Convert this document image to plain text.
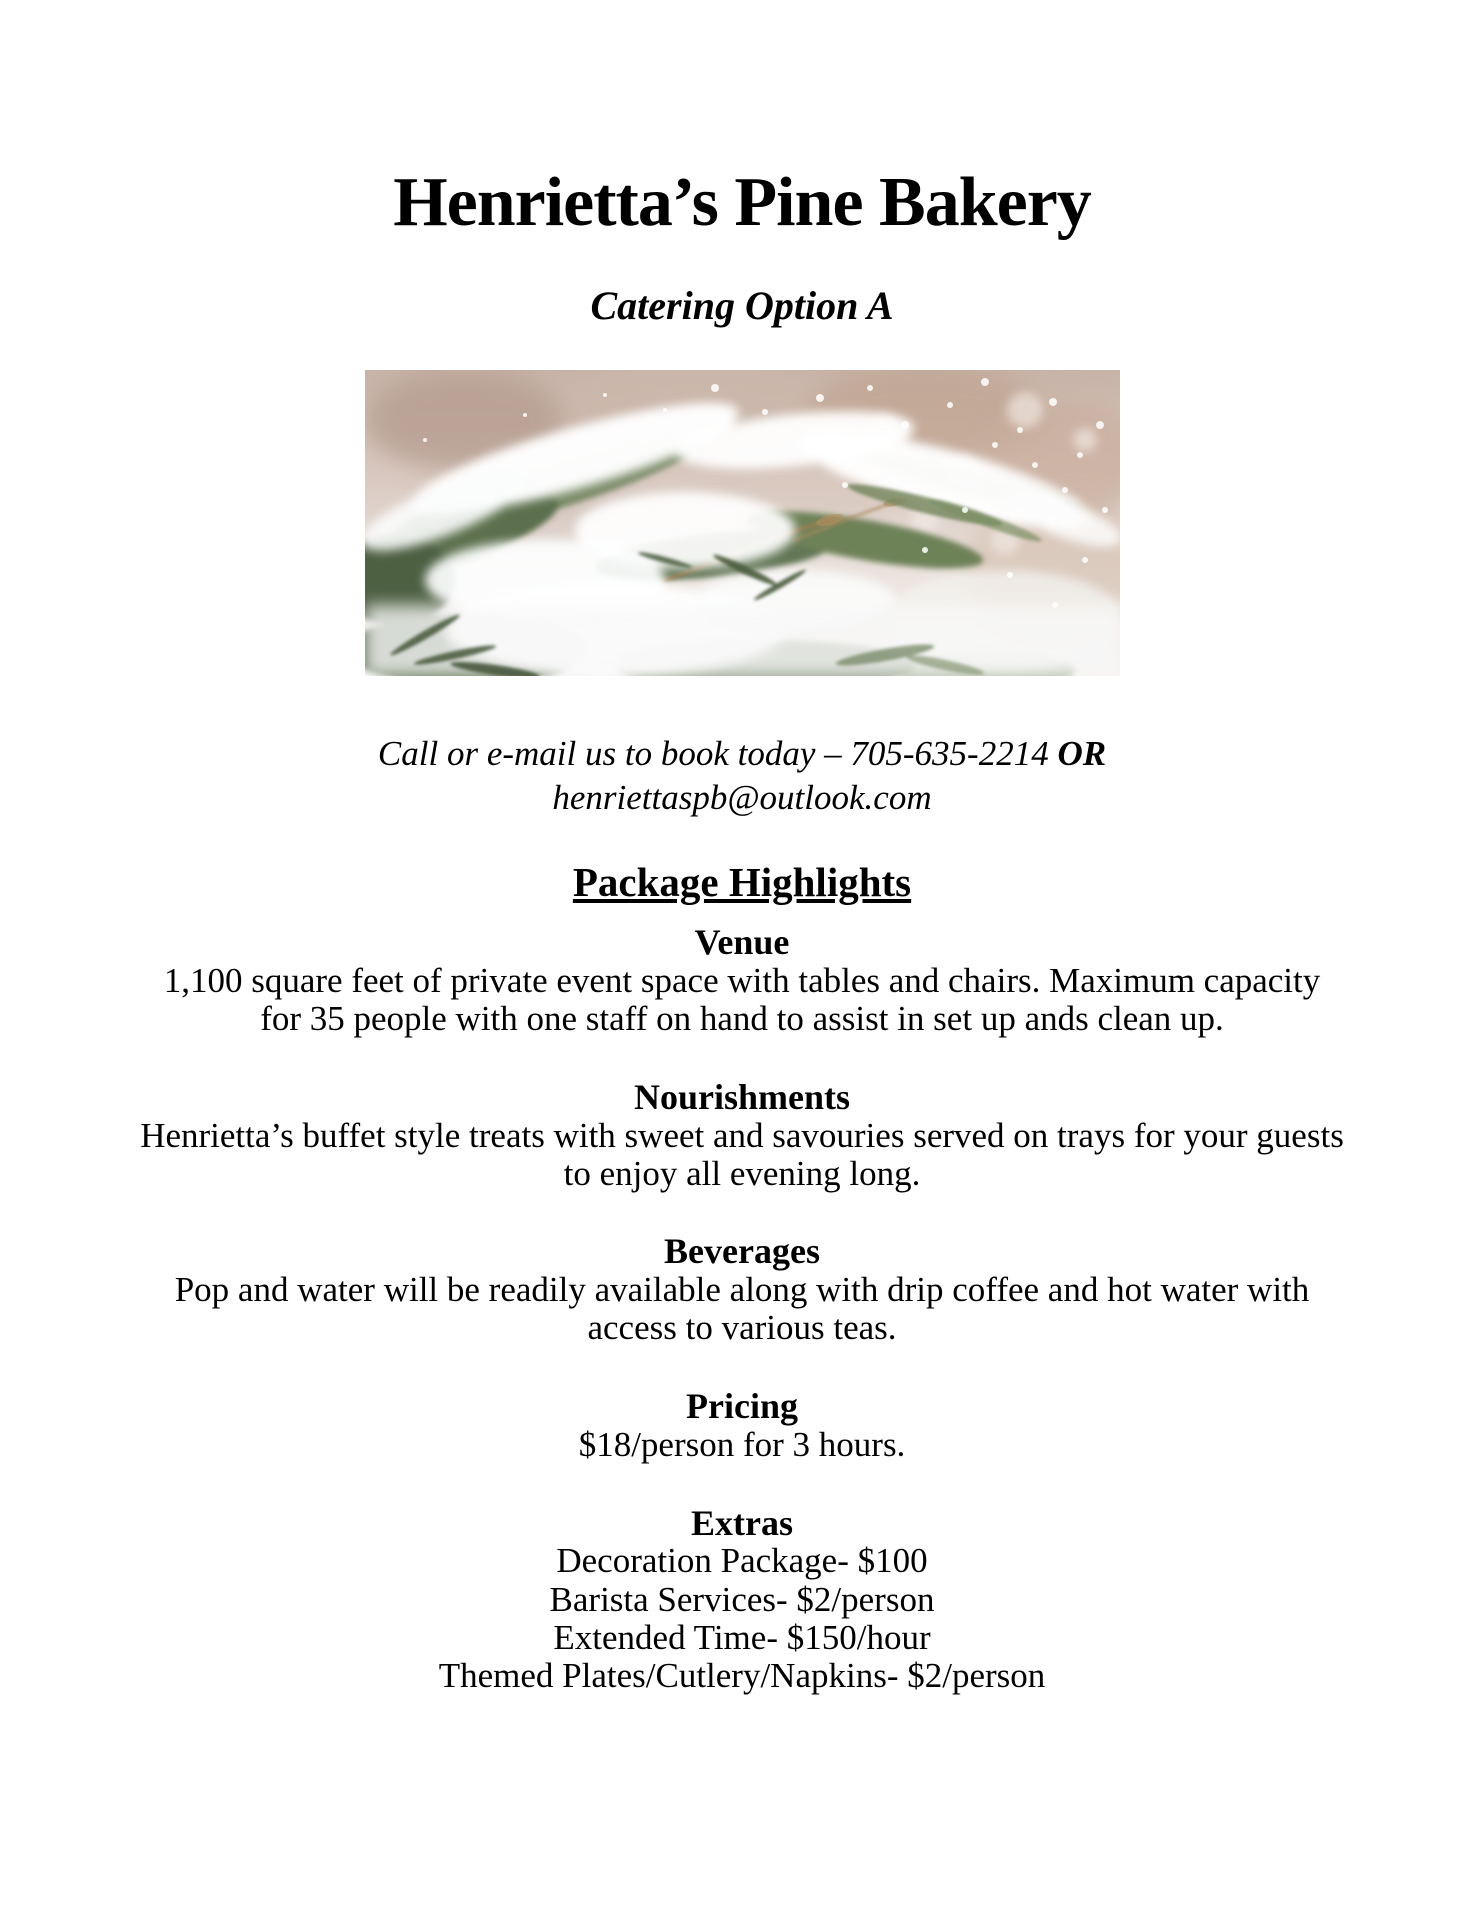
Henrietta’s Pine Bakery
Catering Option A
Call or e-mail us to book today – 705-635-2214 OR
henriettaspb@outlook.com
Package Highlights
Venue

1,100 square feet of private event space with tables and chairs. Maximum capacity for 35 people with one staff on hand to assist in set up ands clean up.

Nourishments

Henrietta’s buffet style treats with sweet and savouries served on trays for your guests to enjoy all evening long.

Beverages

Pop and water will be readily available along with drip coffee and hot water with access to various teas.

Pricing

$18/person for 3 hours.

Extras
Decoration Package- $100
Barista Services- $2/person
Extended Time- $150/hour
Themed Plates/Cutlery/Napkins- $2/person
